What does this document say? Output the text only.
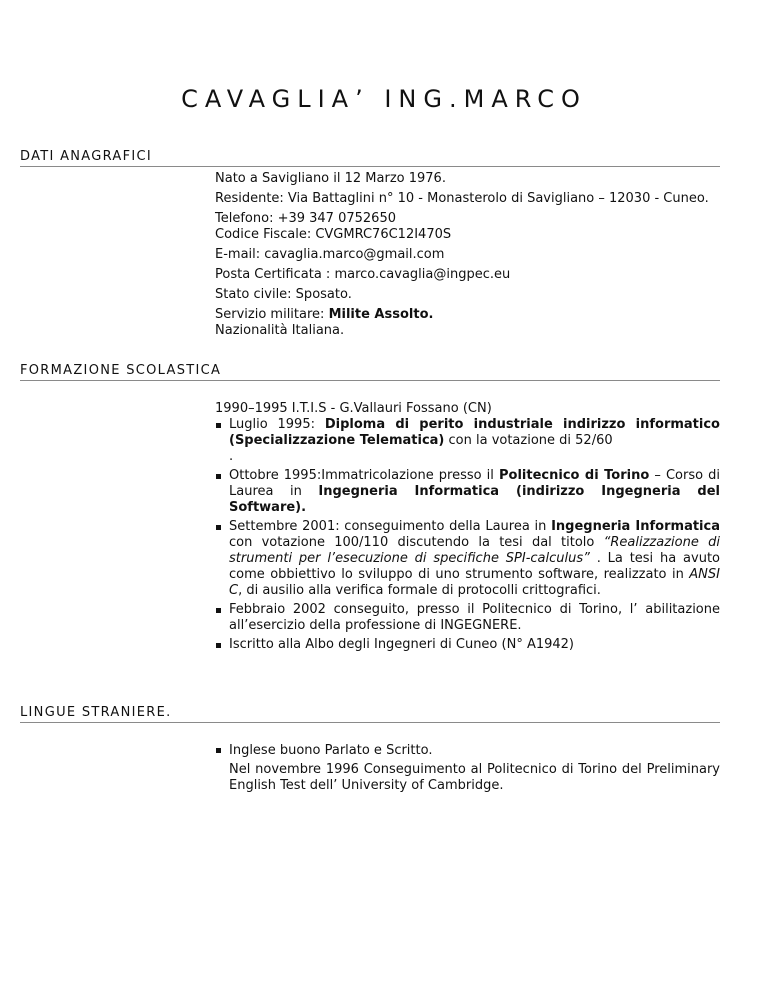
CAVAGLIA’ ING.MARCO
DATI ANAGRAFICI

Nato a Savigliano il 12 Marzo 1976.

Residente: Via Battaglini n° 10 - Monasterolo di Savigliano – 12030 - Cuneo.

Telefono: +39 347 0752650

Codice Fiscale: CVGMRC76C12I470S

E-mail: cavaglia.marco@gmail.com

Posta Certificata : marco.cavaglia@ingpec.eu

Stato civile: Sposato.

Servizio militare: Milite Assolto.

Nazionalità Italiana.

FORMAZIONE SCOLASTICA

1990–1995 I.T.I.S - G.Vallauri Fossano (CN)

Luglio 1995: Diploma di perito industriale indirizzo informatico (Specializzazione Telematica) con la votazione di 52/60
.
Ottobre 1995:Immatricolazione presso il Politecnico di Torino – Corso di Laurea in Ingegneria Informatica (indirizzo Ingegneria del Software).
Settembre 2001: conseguimento della Laurea in Ingegneria Informatica con votazione 100/110 discutendo la tesi dal titolo “Realizzazione di strumenti per l’esecuzione di specifiche SPI-calculus” . La tesi ha avuto come obbiettivo lo sviluppo di uno strumento software, realizzato in ANSI C, di ausilio alla verifica formale di protocolli crittografici.
Febbraio 2002 conseguito, presso il Politecnico di Torino, l’ abilitazione all’esercizio della professione di INGEGNERE.
Iscritto alla Albo degli Ingegneri di Cuneo (N° A1942)
LINGUE STRANIERE.
Inglese buono Parlato e Scritto.

Nel novembre 1996 Conseguimento al Politecnico di Torino del Preliminary English Test dell’ University of Cambridge.
